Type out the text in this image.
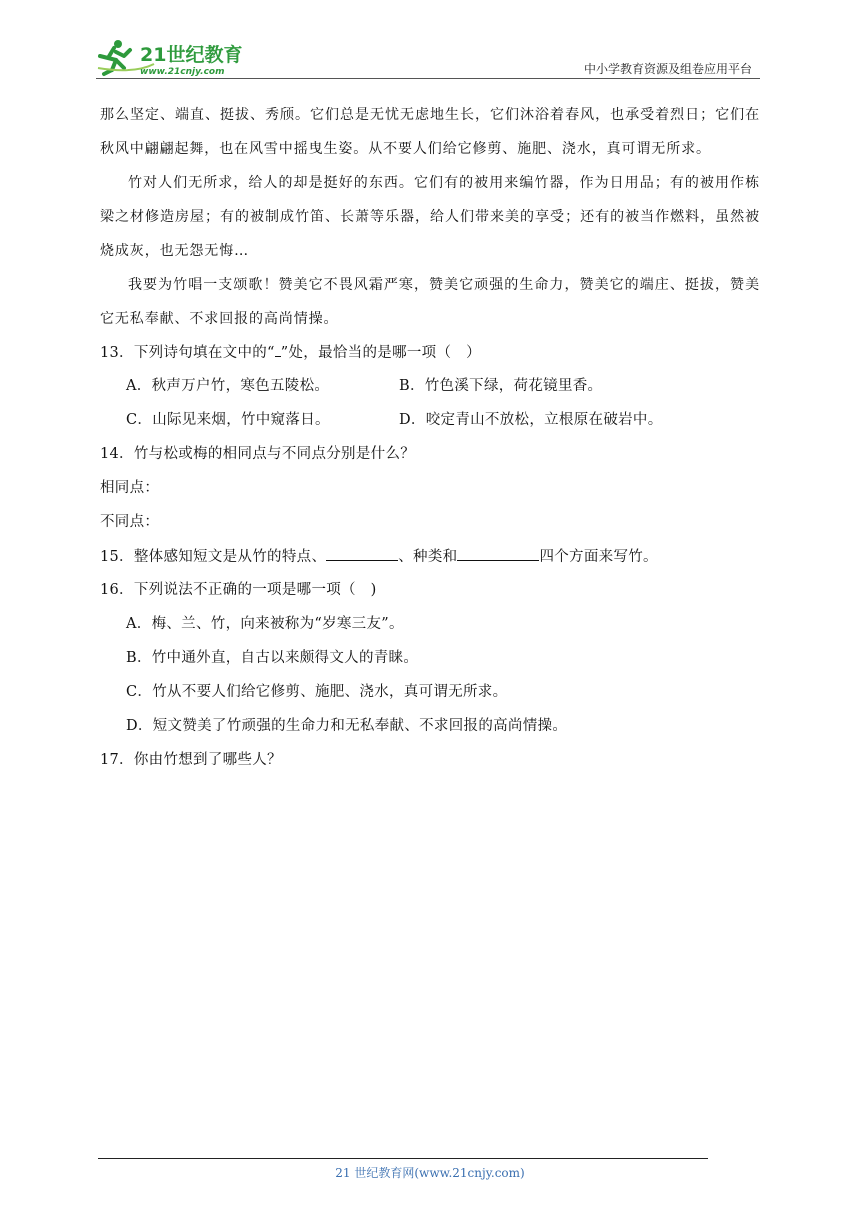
21世纪教育
www.21cnjy.com	中小学教育资源及组卷应用平台
那么坚定、端直、挺拔、秀颀。它们总是无忧无虑地生长，它们沐浴着春风，也承受着烈日；它们在
秋风中翩翩起舞，也在风雪中摇曳生姿。从不要人们给它修剪、施肥、浇水，真可谓无所求。
竹对人们无所求，给人的却是挺好的东西。它们有的被用来编竹器，作为日用品；有的被用作栋梁之材修造房屋；有的被制成竹笛、长萧等乐器，给人们带来美的享受；还有的被当作燃料，虽然被烧成灰，也无怨无悔…
我要为竹唱一支颂歌！赞美它不畏风霜严寒，赞美它顽强的生命力，赞美它的端庄、挺拔，赞美它无私奉献、不求回报的高尚情操。
13．下列诗句填在文中的“ ”处，最恰当的是哪一项（　）
A．秋声万户竹，寒色五陵松。	B．竹色溪下绿，荷花镜里香。
C．山际见来烟，竹中窥落日。	D．咬定青山不放松，立根原在破岩中。
14．竹与松或梅的相同点与不同点分别是什么？
相同点：
不同点：
15．整体感知短文是从竹的特点、	、种类和	四个方面来写竹。
16．下列说法不正确的一项是哪一项（　)
A．梅、兰、竹，向来被称为“岁寒三友”。
B．竹中通外直，自古以来颇得文人的青睐。
C．竹从不要人们给它修剪、施肥、浇水，真可谓无所求。
D．短文赞美了竹顽强的生命力和无私奉献、不求回报的高尚情操。
17．你由竹想到了哪些人？
21 世纪教育网(www.21cnjy.com)
